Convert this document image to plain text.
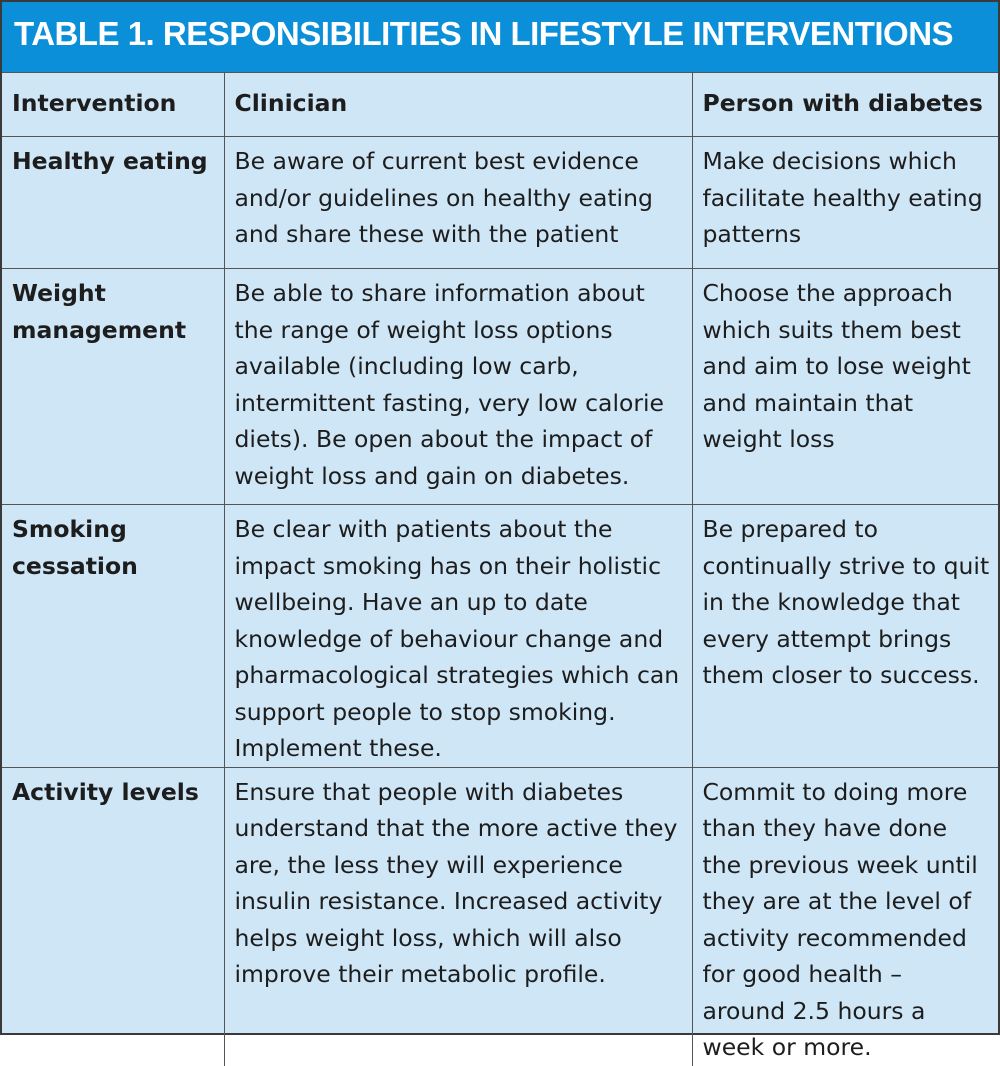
TABLE 1. RESPONSIBILITIES IN LIFESTYLE INTERVENTIONS
Intervention	Clinician	Person with diabetes
Healthy eating	Be aware of current best evidence and/or guidelines on healthy eating and share these with the patient	Make decisions which facilitate healthy eating patterns
Weight management	Be able to share information about the range of weight loss options available (including low carb, intermittent fasting, very low calorie diets). Be open about the impact of weight loss and gain on diabetes.	Choose the approach which suits them best and aim to lose weight and maintain that weight loss
Smoking cessation	Be clear with patients about the impact smoking has on their holistic wellbeing. Have an up to date knowledge of behaviour change and pharmacological strategies which can support people to stop smoking. Implement these.	Be prepared to continually strive to quit in the knowledge that every attempt brings them closer to success.
Activity levels	Ensure that people with diabetes understand that the more active they are, the less they will experience insulin resistance. Increased activity helps weight loss, which will also improve their metabolic profile.	Commit to doing more than they have done the previous week until they are at the level of activity recommended for good health – around 2.5 hours a week or more.
